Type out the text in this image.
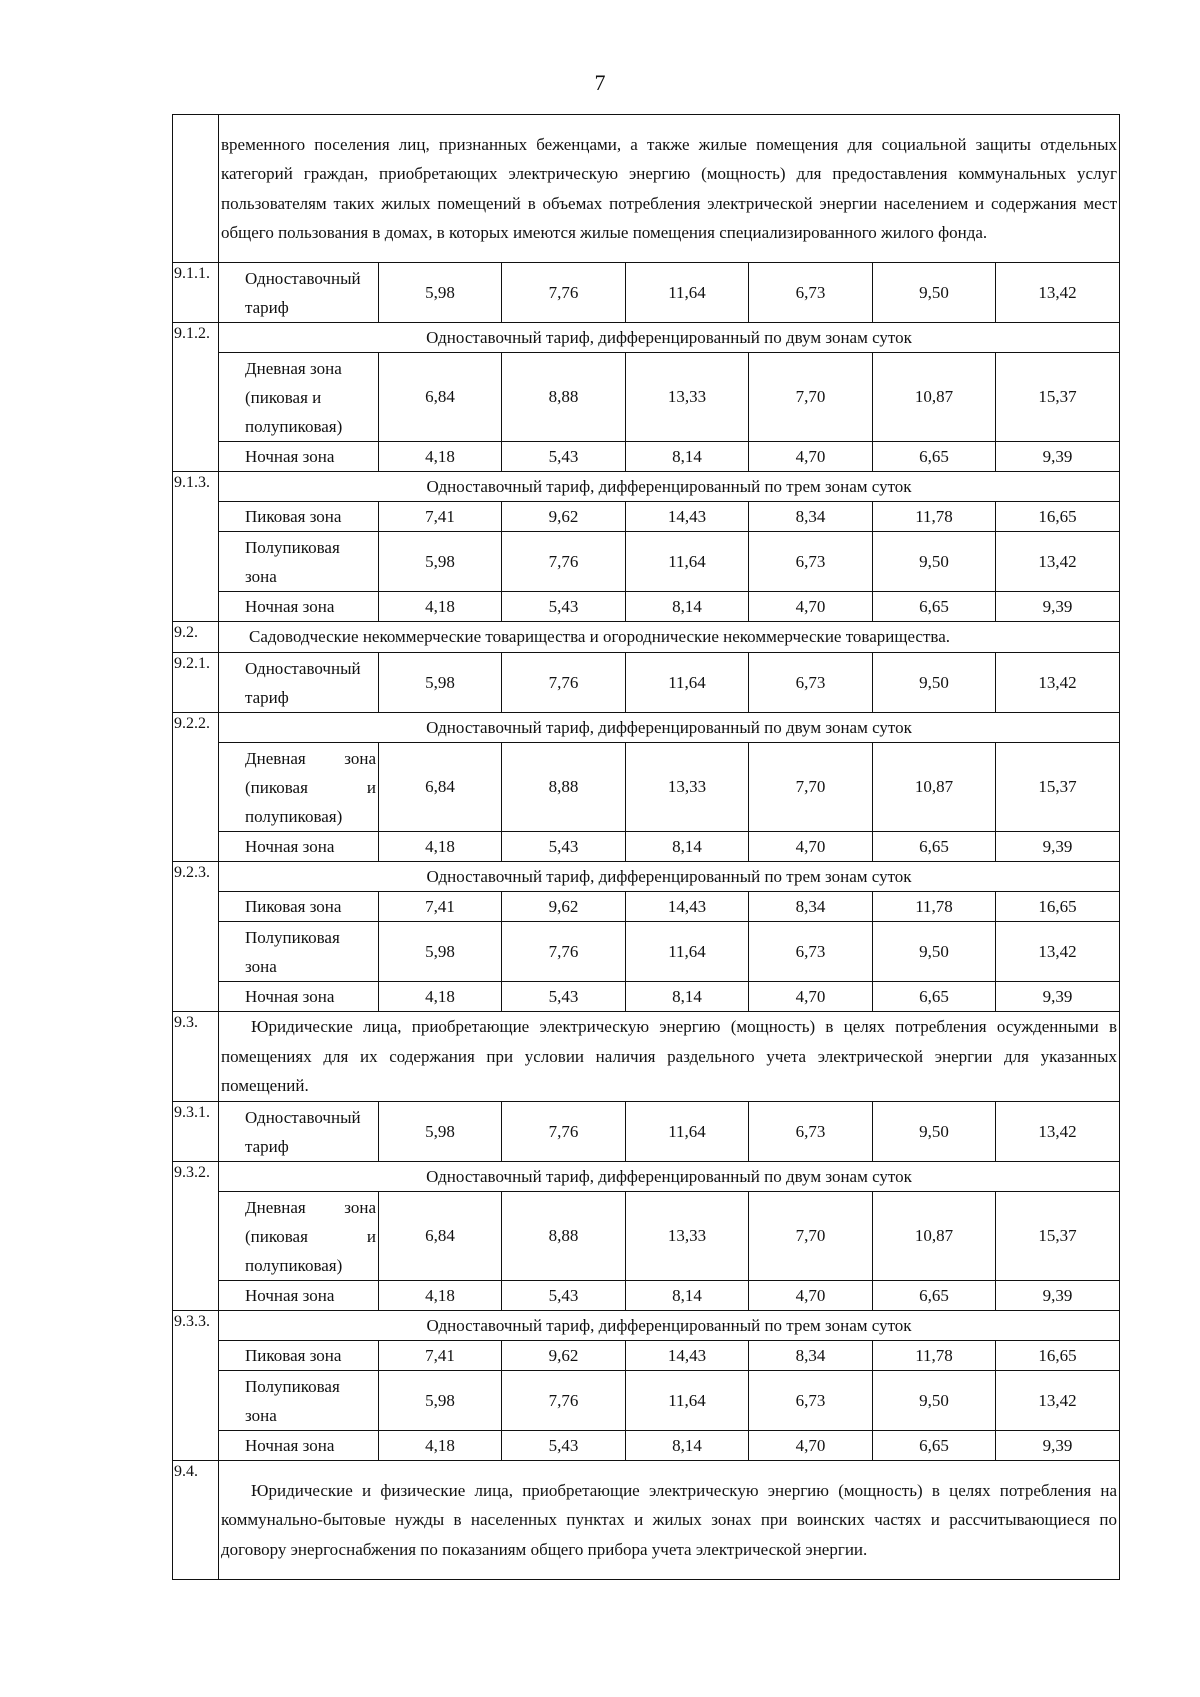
7
	временного поселения лиц, признанных беженцами, а также жилые помещения для социальной защиты отдельных категорий граждан, приобретающих электрическую энергию (мощность) для предоставления коммунальных услуг пользователям таких жилых помещений в объемах потребления электрической энергии населением и содержания мест общего пользования в домах, в которых имеются жилые помещения специализированного жилого фонда.						
9.1.1.	Одноставочный тариф	5,98	7,76	11,64	6,73	9,50	13,42
9.1.2.	Одноставочный тариф, дифференцированный по двум зонам суток						
	Дневная зона (пиковая и полупиковая)	6,84	8,88	13,33	7,70	10,87	15,37
	Ночная зона	4,18	5,43	8,14	4,70	6,65	9,39
9.1.3.	Одноставочный тариф, дифференцированный по трем зонам суток						
	Пиковая зона	7,41	9,62	14,43	8,34	11,78	16,65
	Полупиковая зона	5,98	7,76	11,64	6,73	9,50	13,42
	Ночная зона	4,18	5,43	8,14	4,70	6,65	9,39
9.2.	Садоводческие некоммерческие товарищества и огороднические некоммерческие товарищества.						
9.2.1.	Одноставочный тариф	5,98	7,76	11,64	6,73	9,50	13,42
9.2.2.	Одноставочный тариф, дифференцированный по двум зонам суток						
	Дневная зона (пиковая и полупиковая)	6,84	8,88	13,33	7,70	10,87	15,37
	Ночная зона	4,18	5,43	8,14	4,70	6,65	9,39
9.2.3.	Одноставочный тариф, дифференцированный по трем зонам суток						
	Пиковая зона	7,41	9,62	14,43	8,34	11,78	16,65
	Полупиковая зона	5,98	7,76	11,64	6,73	9,50	13,42
	Ночная зона	4,18	5,43	8,14	4,70	6,65	9,39
9.3.	Юридические лица, приобретающие электрическую энергию (мощность) в целях потребления осужденными в помещениях для их содержания при условии наличия раздельного учета электрической энергии для указанных помещений.						
9.3.1.	Одноставочный тариф	5,98	7,76	11,64	6,73	9,50	13,42
9.3.2.	Одноставочный тариф, дифференцированный по двум зонам суток						
	Дневная зона (пиковая и полупиковая)	6,84	8,88	13,33	7,70	10,87	15,37
	Ночная зона	4,18	5,43	8,14	4,70	6,65	9,39
9.3.3.	Одноставочный тариф, дифференцированный по трем зонам суток						
	Пиковая зона	7,41	9,62	14,43	8,34	11,78	16,65
	Полупиковая зона	5,98	7,76	11,64	6,73	9,50	13,42
	Ночная зона	4,18	5,43	8,14	4,70	6,65	9,39
9.4.	Юридические и физические лица, приобретающие электрическую энергию (мощность) в целях потребления на коммунально-бытовые нужды в населенных пунктах и жилых зонах при воинских частях и рассчитывающиеся по договору энергоснабжения по показаниям общего прибора учета электрической энергии.						
